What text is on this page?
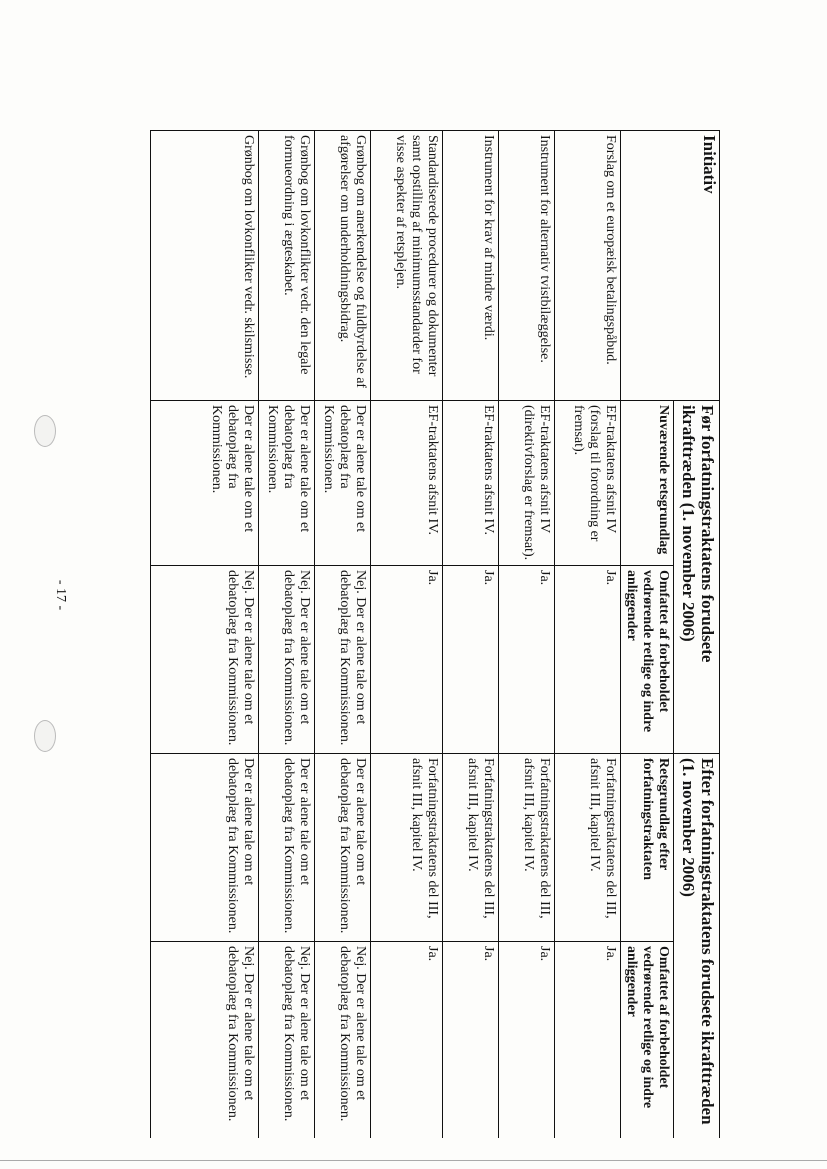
- 17 -
Initiativ	Før forfatningstraktatens forudsete ikrafttræden (1. november 2006)		Efter forfatningstraktatens forudsete ikrafttræden (1. november 2006)	
	Nuværende retsgrundlag	Omfattet af forbeholdet vedrørende retlige og indre anliggender	Retsgrundlag efter forfatningstraktaten	Omfattet af forbeholdet vedrørende retlige og indre anliggender
Forslag om et europæisk betalingspåbud.	EF-traktatens afsnit IV (forslag til forordning er fremsat).	Ja.	Forfatningstraktatens del III, afsnit III, kapitel IV.	Ja.
Instrument for alternativ tvistbilæggelse.	EF-traktatens afsnit IV (direktivforslag er fremsat).	Ja.	Forfatningstraktatens del III, afsnit III, kapitel IV.	Ja.
Instrument for krav af mindre værdi.	EF-traktatens afsnit IV.	Ja.	Forfatningstraktatens del III, afsnit III, kapitel IV.	Ja.
Standardiserede procedurer og dokumenter samt opstilling af minimumsstandarder for visse aspekter af retsplejen.	EF-traktatens afsnit IV.	Ja.	Forfatningstraktatens del III, afsnit III, kapitel IV.	Ja.
Grønbog om anerkendelse og fuldbyrdelse af afgørelser om underholdningsbidrag.	Der er alene tale om et debatoplæg fra Kommissionen.	Nej. Der er alene tale om et debatoplæg fra Kommissionen.	Der er alene tale om et debatoplæg fra Kommissionen.	Nej. Der er alene tale om et debatoplæg fra Kommissionen.
Grønbog om lovkonflikter vedr. den legale formueordning i ægteskabet.	Der er alene tale om et debatoplæg fra Kommissionen.	Nej. Der er alene tale om et debatoplæg fra Kommissionen.	Der er alene tale om et debatoplæg fra Kommissionen.	Nej. Der er alene tale om et debatoplæg fra Kommissionen.
Grønbog om lovkonflikter vedr. skilsmisse.	Der er alene tale om et debatoplæg fra Kommissionen.	Nej. Der er alene tale om et debatoplæg fra Kommissionen.	Der er alene tale om et debatoplæg fra Kommissionen.	Nej. Der er alene tale om et debatoplæg fra Kommissionen.
